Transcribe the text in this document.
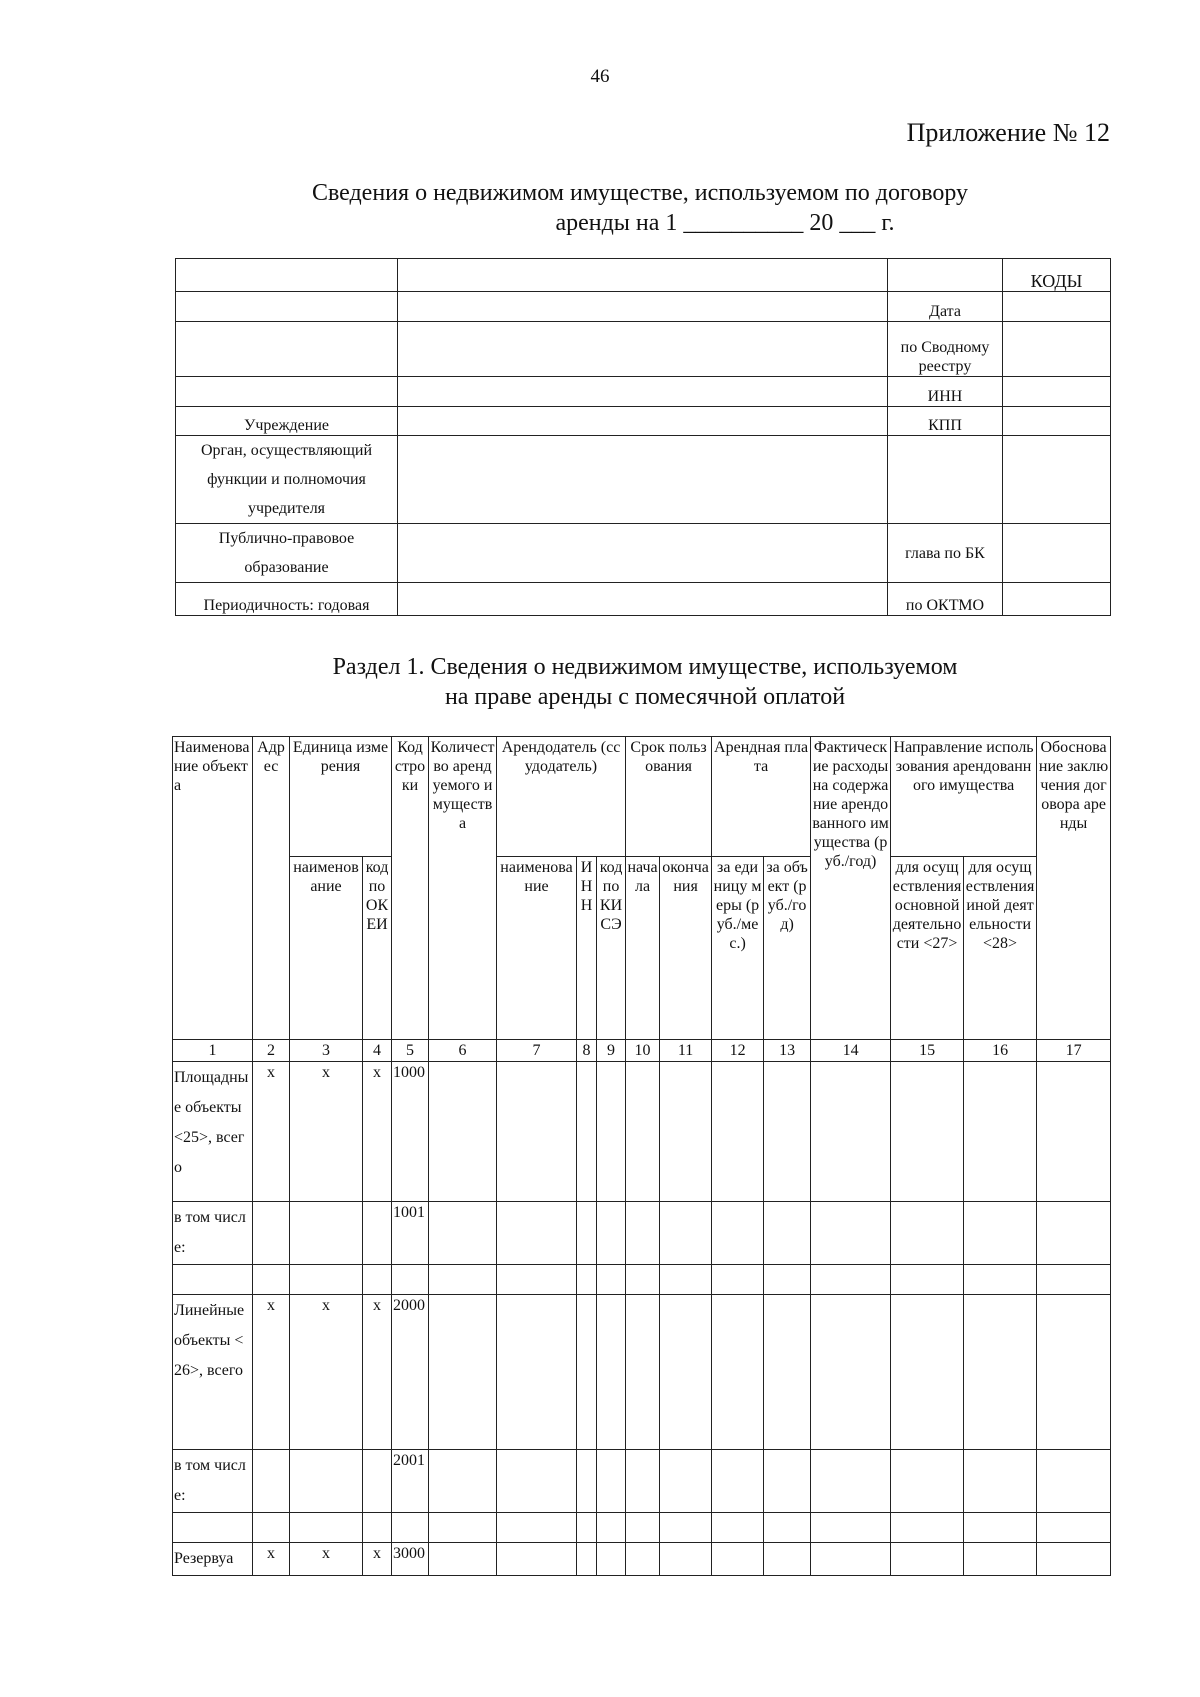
46
Приложение № 12
Сведения о недвижимом имуществе, используемом по договору
аренды на 1 __________ 20 ___ г.
			КОДЫ
		Дата	
		по Сводному реестру	
		ИНН	
Учреждение		КПП	
Орган, осуществляющий функции и полномочия учредителя			
Публично-правовое образование		глава по БК	
Периодичность: годовая		по ОКТМО	
Раздел 1. Сведения о недвижимом имуществе, используемом
на праве аренды с помесячной оплатой
Наименование объекта	Адрес	Единица измерения		Код строки	Количество арендуемого имущества	Арендодатель (ссудодатель)			Срок пользования		Арендная плата		Фактические расходы на содержание арендованного имущества (руб./год)	Направление использования арендованного имущества		Обоснование заключения договора аренды
		наименование	код по ОКЕИ			наименование	ИНН	код по КИСЭ	начала	окончания	за единицу меры (руб./мес.)	за объект (руб./год)		для осуществления основной деятельности <27>	для осуществления иной деятельности <28>	
1	2	3	4	5	6	7	8	9	10	11	12	13	14	15	16	17
Площадные объекты <25>, всего	x	x	x	1000												
в том числе:				1001												

Линейные объекты <26>, всего	x	x	x	2000												
в том числе:				2001												

Резервуа	x	x	x	3000												
